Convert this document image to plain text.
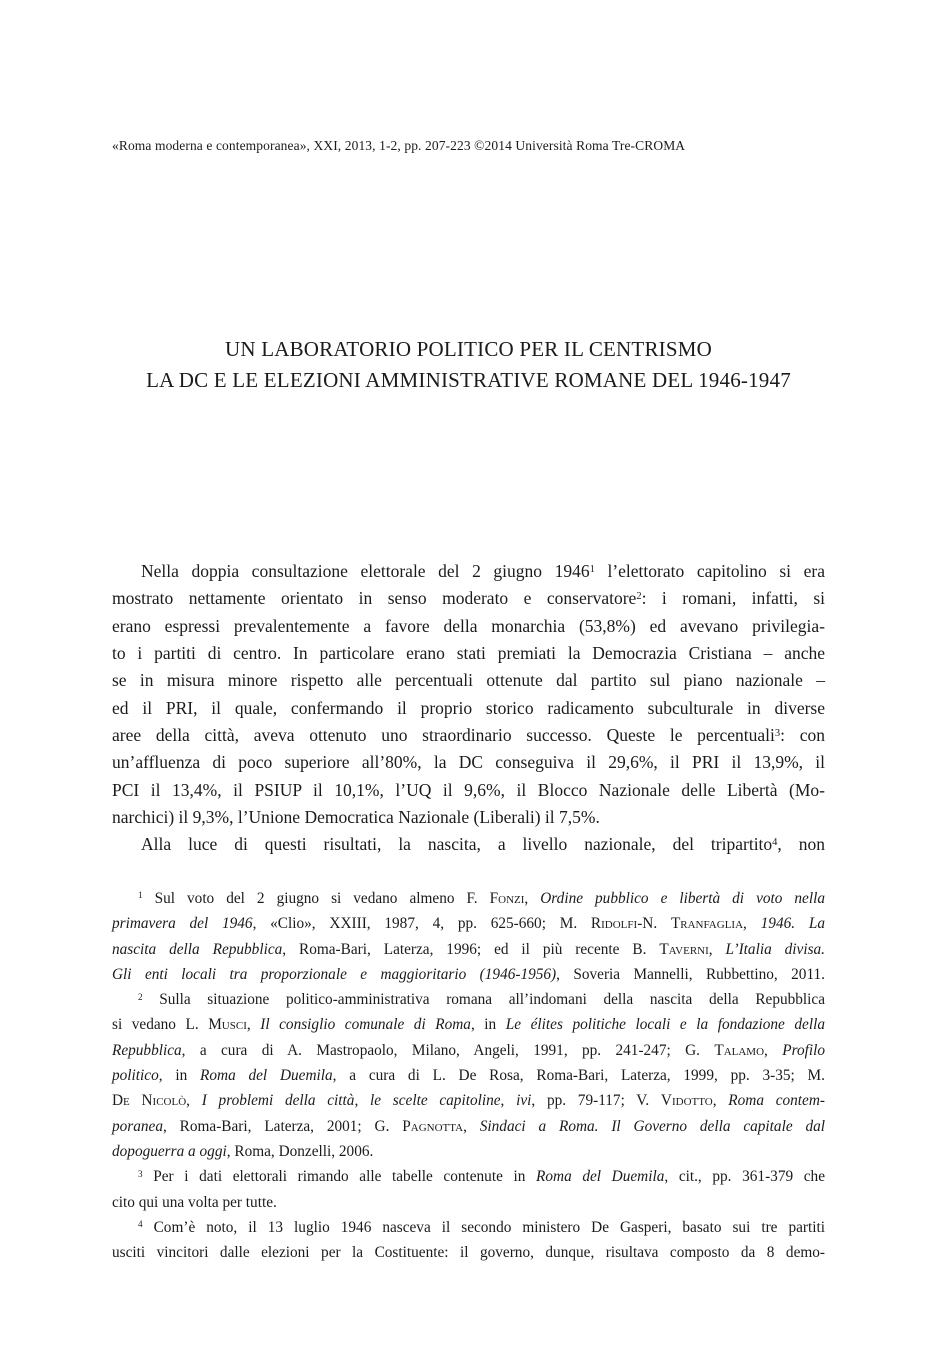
«Roma moderna e contemporanea», XXI, 2013, 1-2, pp. 207-223 ©2014 Università Roma Tre-CROMA
UN LABORATORIO POLITICO PER IL CENTRISMO
LA DC E LE ELEZIONI AMMINISTRATIVE ROMANE DEL 1946-1947
Nella doppia consultazione elettorale del 2 giugno 1946$^1$ l’elettorato capitolino si era
mostrato nettamente orientato in senso moderato e conservatore$^2$: i romani, infatti, si
erano espressi prevalentemente a favore della monarchia (53,8%) ed avevano privilegia-
to i partiti di centro. In particolare erano stati premiati la Democrazia Cristiana – anche
se in misura minore rispetto alle percentuali ottenute dal partito sul piano nazionale –
ed il PRI, il quale, confermando il proprio storico radicamento subculturale in diverse
aree della città, aveva ottenuto uno straordinario successo. Queste le percentuali$^3$: con
un’affluenza di poco superiore all’80%, la DC conseguiva il 29,6%, il PRI il 13,9%, il
PCI il 13,4%, il PSIUP il 10,1%, l’UQ il 9,6%, il Blocco Nazionale delle Libertà (Mo-
narchici) il 9,3%, l’Unione Democratica Nazionale (Liberali) il 7,5%.
Alla luce di questi risultati, la nascita, a livello nazionale, del tripartito$^4$, non
$^1$ Sul voto del 2 giugno si vedano almeno F. Fonzi, Ordine pubblico e libertà di voto nella
primavera del 1946, «Clio», XXIII, 1987, 4, pp. 625-660; M. Ridolfi-N. Tranfaglia, 1946. La
nascita della Repubblica, Roma-Bari, Laterza, 1996; ed il più recente B. Taverni, L’Italia divisa.
Gli enti locali tra proporzionale e maggioritario (1946-1956), Soveria Mannelli, Rubbettino, 2011.
$^2$ Sulla situazione politico-amministrativa romana all’indomani della nascita della Repubblica
si vedano L. Musci, Il consiglio comunale di Roma, in Le élites politiche locali e la fondazione della
Repubblica, a cura di A. Mastropaolo, Milano, Angeli, 1991, pp. 241-247; G. Talamo, Profilo
politico, in Roma del Duemila, a cura di L. De Rosa, Roma-Bari, Laterza, 1999, pp. 3-35; M.
De Nicolò, I problemi della città, le scelte capitoline, ivi, pp. 79-117; V. Vidotto, Roma contem-
poranea, Roma-Bari, Laterza, 2001; G. Pagnotta, Sindaci a Roma. Il Governo della capitale dal
dopoguerra a oggi, Roma, Donzelli, 2006.
$^3$ Per i dati elettorali rimando alle tabelle contenute in Roma del Duemila, cit., pp. 361-379 che
cito qui una volta per tutte.
$^4$ Com’è noto, il 13 luglio 1946 nasceva il secondo ministero De Gasperi, basato sui tre partiti
usciti vincitori dalle elezioni per la Costituente: il governo, dunque, risultava composto da 8 demo-
